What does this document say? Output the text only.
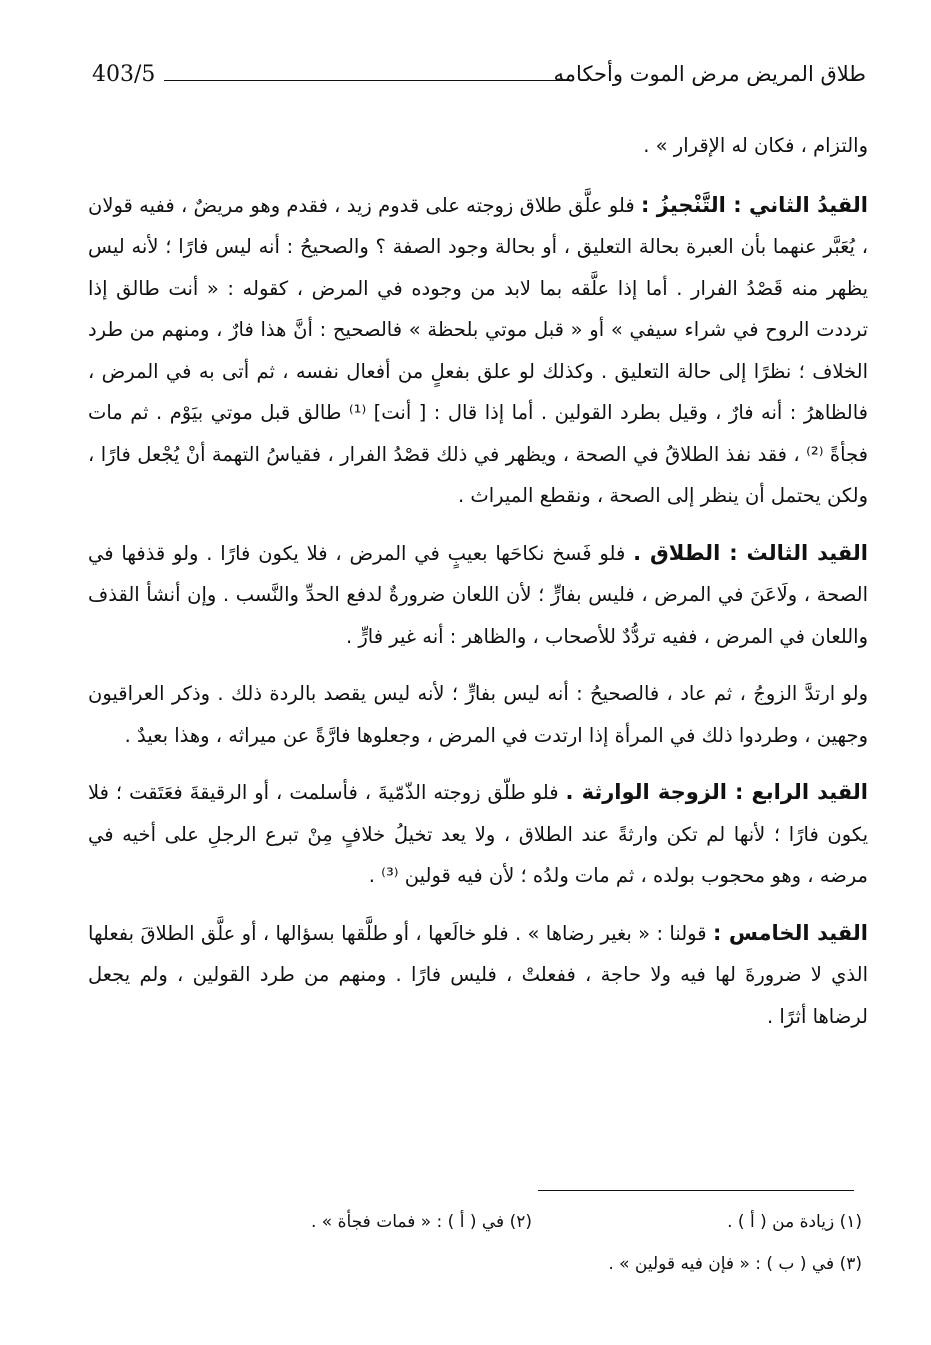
403/5	طلاق المريض مرض الموت وأحكامه

والتزام ، فكان له الإقرار » .

القيدُ الثاني : التَّنْجيزُ : فلو علَّق طلاق زوجته على قدوم زيد ، فقدم وهو مريضٌ ، ففيه قولان ، يُعَبَّر عنهما بأن العبرة بحالة التعليق ، أو بحالة وجود الصفة ؟ والصحيحُ : أنه ليس فارًا ؛ لأنه ليس يظهر منه قَصْدُ الفرار . أما إذا علَّقه بما لابد من وجوده في المرض ، كقوله : « أنت طالق إذا ترددت الروح في شراء سيفي » أو « قبل موتي بلحظة » فالصحيح : أنَّ هذا فارٌ ، ومنهم من طرد الخلاف ؛ نظرًا إلى حالة التعليق . وكذلك لو علق بفعلٍ من أفعال نفسه ، ثم أتى به في المرض ، فالظاهرُ : أنه فارٌ ، وقيل بطرد القولين . أما إذا قال : [ أنت] ⁽¹⁾ طالق قبل موتي بيَوْم . ثم مات فجأةً ⁽²⁾ ، فقد نفذ الطلاقُ في الصحة ، ويظهر في ذلك قصْدُ الفرار ، فقياسُ التهمة أنْ يُجْعل فارًا ، ولكن يحتمل أن ينظر إلى الصحة ، ونقطع الميراث .

القيد الثالث : الطلاق . فلو فَسخ نكاحَها بعيبٍ في المرض ، فلا يكون فارًا . ولو قذفها في الصحة ، ولَاعَنَ في المرض ، فليس بفارٍّ ؛ لأن اللعان ضرورةٌ لدفع الحدِّ والنَّسب . وإن أنشأ القذف واللعان في المرض ، ففيه تردُّدٌ للأصحاب ، والظاهر : أنه غير فارٍّ .

ولو ارتدَّ الزوجُ ، ثم عاد ، فالصحيحُ : أنه ليس بفارٍّ ؛ لأنه ليس يقصد بالردة ذلك . وذكر العراقيون وجهين ، وطردوا ذلك في المرأة إذا ارتدت في المرض ، وجعلوها فارَّةً عن ميراثه ، وهذا بعيدٌ .

القيد الرابع : الزوجة الوارثة . فلو طلّق زوجته الذّمّيةَ ، فأسلمت ، أو الرقيقةَ فعَتَقت ؛ فلا يكون فارًا ؛ لأنها لم تكن وارثةً عند الطلاق ، ولا يعد تخيلُ خلافٍ مِنْ تبرع الرجلِ على أخيه في مرضه ، وهو محجوب بولده ، ثم مات ولدُه ؛ لأن فيه قولين ⁽³⁾ .

القيد الخامس : قولنا : « بغير رضاها » . فلو خالَعها ، أو طلَّقها بسؤالها ، أو علَّق الطلاقَ بفعلها الذي لا ضرورةَ لها فيه ولا حاجة ، ففعلتْ ، فليس فارًا . ومنهم من طرد القولين ، ولم يجعل لرضاها أثرًا .

(١) زيادة من ( أ ) .
(٢) في ( أ ) : « فمات فجأة » .
(٣) في ( ب ) : « فإن فيه قولين » .
